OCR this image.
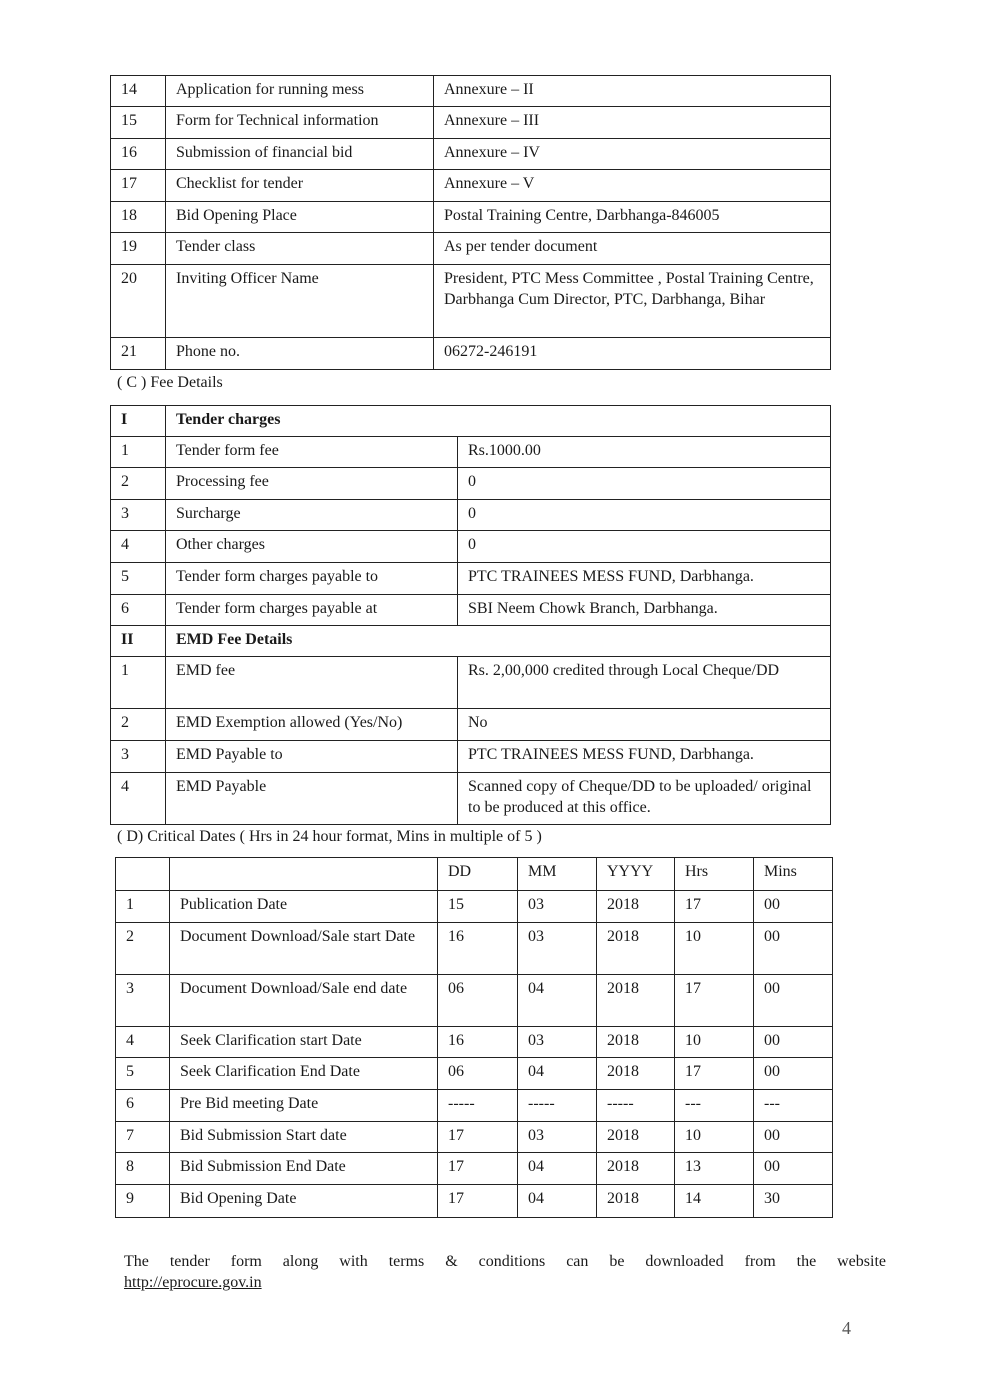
14	Application for running mess	Annexure – II
15	Form for Technical information	Annexure – III
16	Submission of financial bid	Annexure – IV
17	Checklist for tender	Annexure – V
18	Bid Opening Place	Postal Training Centre, Darbhanga-846005
19	Tender class	As per tender document
20	Inviting Officer Name	President, PTC Mess Committee , Postal Training Centre, Darbhanga Cum Director, PTC, Darbhanga, Bihar
21	Phone no.	06272-246191
( C ) Fee Details
I	Tender charges	
1	Tender form fee	Rs.1000.00
2	Processing fee	0
3	Surcharge	0
4	Other charges	0
5	Tender form charges payable to	PTC TRAINEES MESS FUND, Darbhanga.
6	Tender form charges payable at	SBI Neem Chowk Branch, Darbhanga.
II	EMD Fee Details	
1	EMD fee	Rs. 2,00,000 credited through Local Cheque/DD
2	EMD Exemption allowed (Yes/No)	No
3	EMD Payable to	PTC TRAINEES MESS FUND, Darbhanga.
4	EMD Payable	Scanned copy of Cheque/DD to be uploaded/ original to be produced at this office.
( D) Critical Dates ( Hrs in 24 hour format, Mins in multiple of 5 )
		DD	MM	YYYY	Hrs	Mins
1	Publication Date	15	03	2018	17	00
2	Document Download/Sale start Date	16	03	2018	10	00
3	Document Download/Sale end date	06	04	2018	17	00
4	Seek Clarification start Date	16	03	2018	10	00
5	Seek Clarification End Date	06	04	2018	17	00
6	Pre Bid meeting Date	-----	-----	-----	---	---
7	Bid Submission Start date	17	03	2018	10	00
8	Bid Submission End Date	17	04	2018	13	00
9	Bid Opening Date	17	04	2018	14	30
The tender form along with terms & conditions can be downloaded from the website
http://eprocure.gov.in
4
